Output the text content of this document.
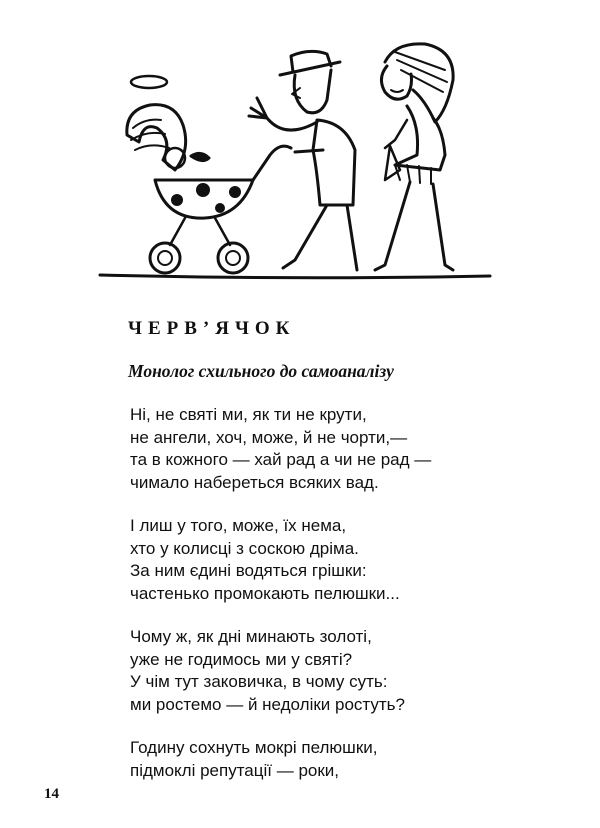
ЧЕРВ’ЯЧОК
Монолог схильного до самоаналізу
Ні, не святі ми, як ти не крути,
не ангели, хоч, може, й не чорти,—
та в кожного — хай рад а чи не рад —
чимало набереться всяких вад.
І лиш у того, може, їх нема,
хто у колисці з соскою дріма.
За ним єдині водяться грішки:
частенько промокають пелюшки...
Чому ж, як дні минають золоті,
уже не годимось ми у святі?
У чім тут заковичка, в чому суть:
ми ростемо — й недоліки ростуть?
Годину сохнуть мокрі пелюшки,
підмоклі репутації — роки,
14
